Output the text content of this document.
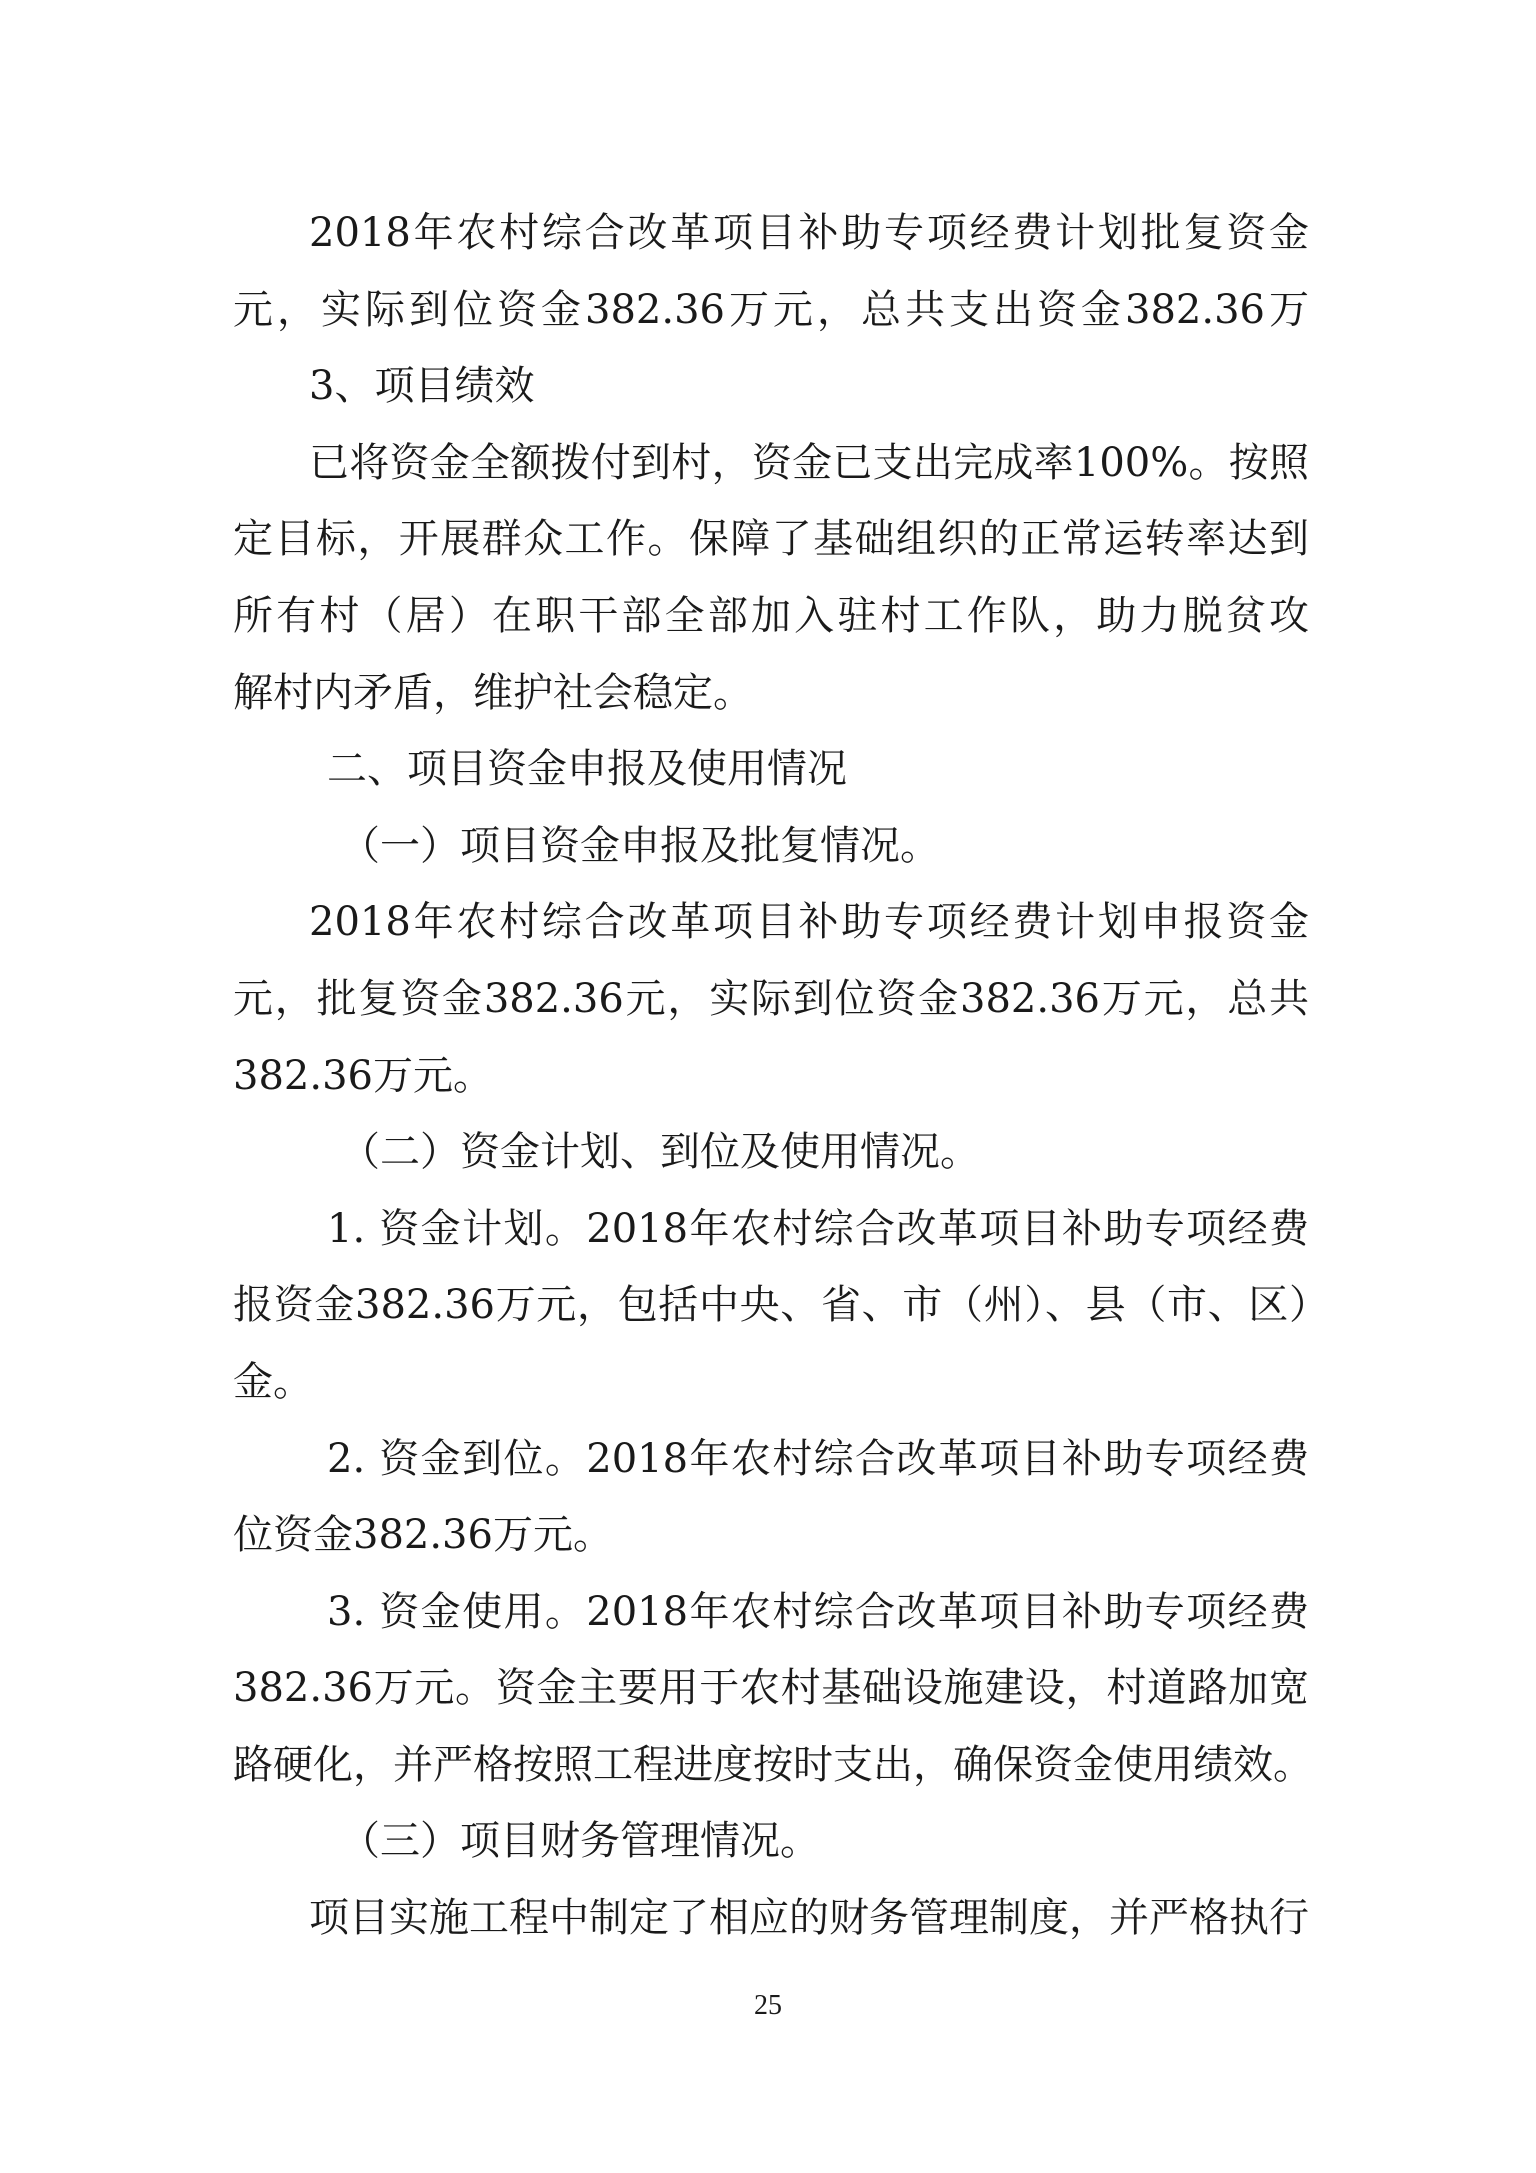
2018年农村综合改革项目补助专项经费计划批复资金
元，实际到位资金382.36万元，总共支出资金382.36万
3、项目绩效
已将资金全额拨付到村，资金已支出完成率100%。按照
定目标，开展群众工作。保障了基础组织的正常运转率达到
所有村（居）在职干部全部加入驻村工作队，助力脱贫攻
解村内矛盾，维护社会稳定。
二、项目资金申报及使用情况
（一）项目资金申报及批复情况。
2018年农村综合改革项目补助专项经费计划申报资金
元，批复资金382.36元，实际到位资金382.36万元，总共
382.36万元。
（二）资金计划、到位及使用情况。
1. 资金计划。2018年农村综合改革项目补助专项经费
报资金382.36万元，包括中央、省、市（州）、县（市、区）
金。
2. 资金到位。2018年农村综合改革项目补助专项经费
位资金382.36万元。
3. 资金使用。2018年农村综合改革项目补助专项经费
382.36万元。资金主要用于农村基础设施建设，村道路加宽
路硬化，并严格按照工程进度按时支出，确保资金使用绩效。
（三）项目财务管理情况。
项目实施工程中制定了相应的财务管理制度，并严格执行
25
